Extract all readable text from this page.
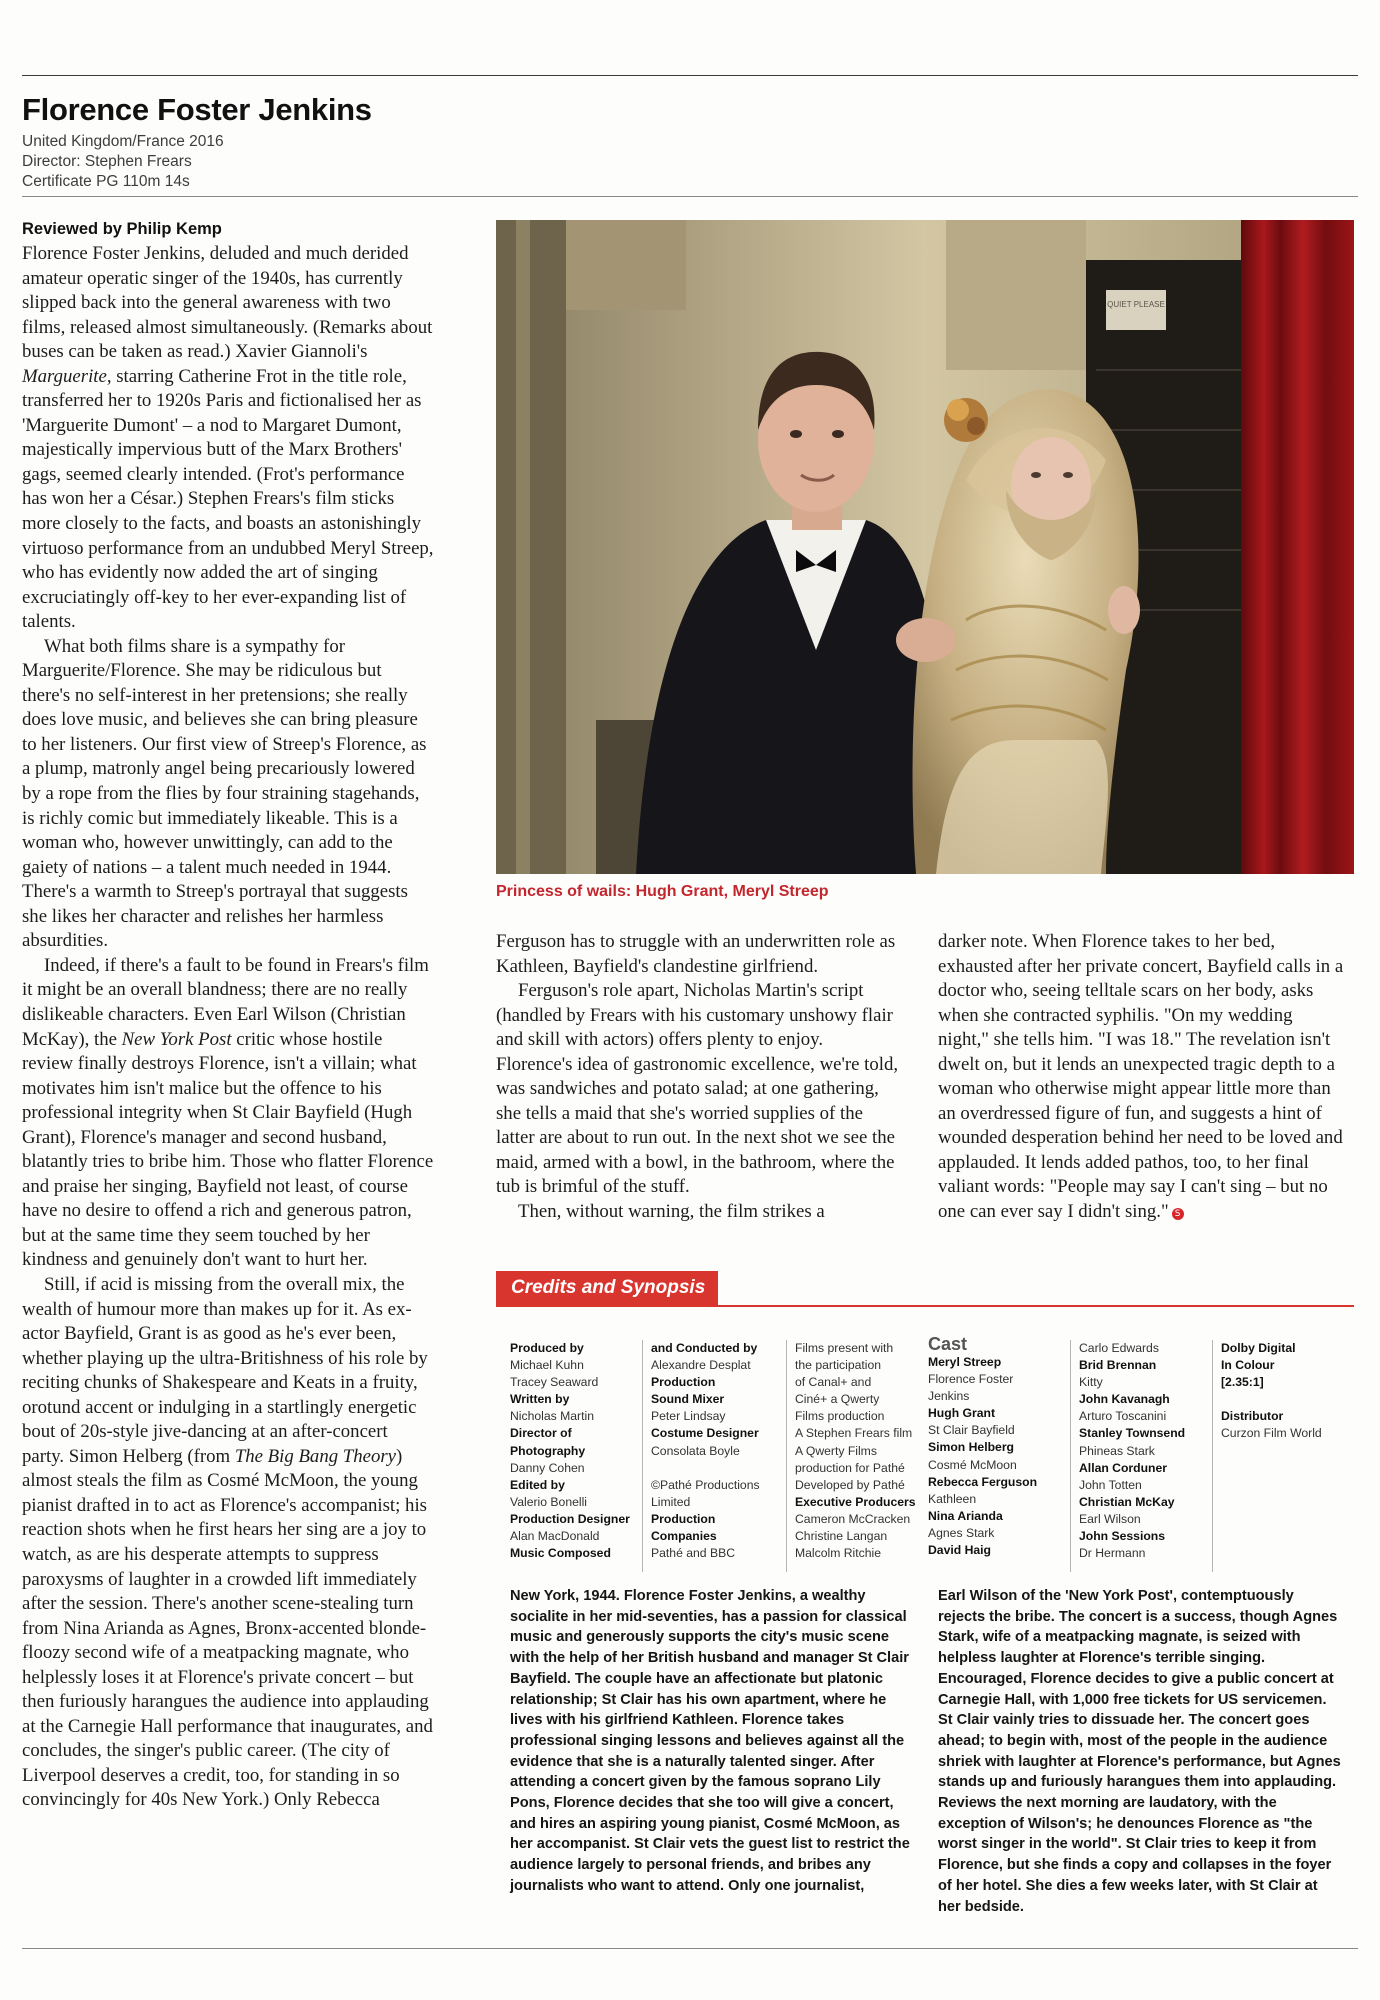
Florence Foster Jenkins
United Kingdom/France 2016
Director: Stephen Frears
Certificate PG 110m 14s
Reviewed by Philip Kemp

Florence Foster Jenkins, deluded and much derided amateur operatic singer of the 1940s, has currently slipped back into the general awareness with two films, released almost simultaneously. (Remarks about buses can be taken as read.) Xavier Giannoli's Marguerite, starring Catherine Frot in the title role, transferred her to 1920s Paris and fictionalised her as 'Marguerite Dumont' – a nod to Margaret Dumont, majestically impervious butt of the Marx Brothers' gags, seemed clearly intended. (Frot's performance has won her a César.) Stephen Frears's film sticks more closely to the facts, and boasts an astonishingly virtuoso performance from an undubbed Meryl Streep, who has evidently now added the art of singing excruciatingly off-key to her ever-expanding list of talents.

What both films share is a sympathy for Marguerite/Florence. She may be ridiculous but there's no self-interest in her pretensions; she really does love music, and believes she can bring pleasure to her listeners. Our first view of Streep's Florence, as a plump, matronly angel being precariously lowered by a rope from the flies by four straining stagehands, is richly comic but immediately likeable. This is a woman who, however unwittingly, can add to the gaiety of nations – a talent much needed in 1944. There's a warmth to Streep's portrayal that suggests she likes her character and relishes her harmless absurdities.

Indeed, if there's a fault to be found in Frears's film it might be an overall blandness; there are no really dislikeable characters. Even Earl Wilson (Christian McKay), the New York Post critic whose hostile review finally destroys Florence, isn't a villain; what motivates him isn't malice but the offence to his professional integrity when St Clair Bayfield (Hugh Grant), Florence's manager and second husband, blatantly tries to bribe him. Those who flatter Florence and praise her singing, Bayfield not least, of course have no desire to offend a rich and generous patron, but at the same time they seem touched by her kindness and genuinely don't want to hurt her.

Still, if acid is missing from the overall mix, the wealth of humour more than makes up for it. As ex-actor Bayfield, Grant is as good as he's ever been, whether playing up the ultra-Britishness of his role by reciting chunks of Shakespeare and Keats in a fruity, orotund accent or indulging in a startlingly energetic bout of 20s-style jive-dancing at an after-concert party. Simon Helberg (from The Big Bang Theory) almost steals the film as Cosmé McMoon, the young pianist drafted in to act as Florence's accompanist; his reaction shots when he first hears her sing are a joy to watch, as are his desperate attempts to suppress paroxysms of laughter in a crowded lift immediately after the session. There's another scene-stealing turn from Nina Arianda as Agnes, Bronx-accented blonde-floozy second wife of a meatpacking magnate, who helplessly loses it at Florence's private concert – but then furiously harangues the audience into applauding at the Carnegie Hall performance that inaugurates, and concludes, the singer's public career. (The city of Liverpool deserves a credit, too, for standing in so convincingly for 40s New York.) Only Rebecca

QUIET PLEASE
Princess of wails: Hugh Grant, Meryl Streep

Ferguson has to struggle with an underwritten role as Kathleen, Bayfield's clandestine girlfriend.

Ferguson's role apart, Nicholas Martin's script (handled by Frears with his customary unshowy flair and skill with actors) offers plenty to enjoy. Florence's idea of gastronomic excellence, we're told, was sandwiches and potato salad; at one gathering, she tells a maid that she's worried supplies of the latter are about to run out. In the next shot we see the maid, armed with a bowl, in the bathroom, where the tub is brimful of the stuff.

Then, without warning, the film strikes a

darker note. When Florence takes to her bed, exhausted after her private concert, Bayfield calls in a doctor who, seeing telltale scars on her body, asks when she contracted syphilis. "On my wedding night," she tells him. "I was 18." The revelation isn't dwelt on, but it lends an unexpected tragic depth to a woman who otherwise might appear little more than an overdressed figure of fun, and suggests a hint of wounded desperation behind her need to be loved and applauded. It lends added pathos, too, to her final valiant words: "People may say I can't sing – but no one can ever say I didn't sing." S

Credits and Synopsis
Produced by
Michael Kuhn
Tracey Seaward
Written by
Nicholas Martin
Director of
Photography
Danny Cohen
Edited by
Valerio Bonelli
Production Designer
Alan MacDonald
Music Composed
and Conducted by
Alexandre Desplat
Production
Sound Mixer
Peter Lindsay
Costume Designer
Consolata Boyle

©Pathé Productions
Limited
Production
Companies
Pathé and BBC
Films present with
the participation
of Canal+ and
Ciné+ a Qwerty
Films production
A Stephen Frears film
A Qwerty Films
production for Pathé
Developed by Pathé
Executive Producers
Cameron McCracken
Christine Langan
Malcolm Ritchie
Cast
Meryl Streep
Florence Foster
Jenkins
Hugh Grant
St Clair Bayfield
Simon Helberg
Cosmé McMoon
Rebecca Ferguson
Kathleen
Nina Arianda
Agnes Stark
David Haig
Carlo Edwards
Brid Brennan
Kitty
John Kavanagh
Arturo Toscanini
Stanley Townsend
Phineas Stark
Allan Corduner
John Totten
Christian McKay
Earl Wilson
John Sessions
Dr Hermann
Dolby Digital
In Colour
[2.35:1]

Distributor
Curzon Film World
New York, 1944. Florence Foster Jenkins, a wealthy socialite in her mid-seventies, has a passion for classical music and generously supports the city's music scene with the help of her British husband and manager St Clair Bayfield. The couple have an affectionate but platonic relationship; St Clair has his own apartment, where he lives with his girlfriend Kathleen. Florence takes professional singing lessons and believes against all the evidence that she is a naturally talented singer. After attending a concert given by the famous soprano Lily Pons, Florence decides that she too will give a concert, and hires an aspiring young pianist, Cosmé McMoon, as her accompanist. St Clair vets the guest list to restrict the audience largely to personal friends, and bribes any journalists who want to attend. Only one journalist,
Earl Wilson of the 'New York Post', contemptuously rejects the bribe. The concert is a success, though Agnes Stark, wife of a meatpacking magnate, is seized with helpless laughter at Florence's terrible singing. Encouraged, Florence decides to give a public concert at Carnegie Hall, with 1,000 free tickets for US servicemen. St Clair vainly tries to dissuade her. The concert goes ahead; to begin with, most of the people in the audience shriek with laughter at Florence's performance, but Agnes stands up and furiously harangues them into applauding. Reviews the next morning are laudatory, with the exception of Wilson's; he denounces Florence as "the worst singer in the world". St Clair tries to keep it from Florence, but she finds a copy and collapses in the foyer of her hotel. She dies a few weeks later, with St Clair at her bedside.
